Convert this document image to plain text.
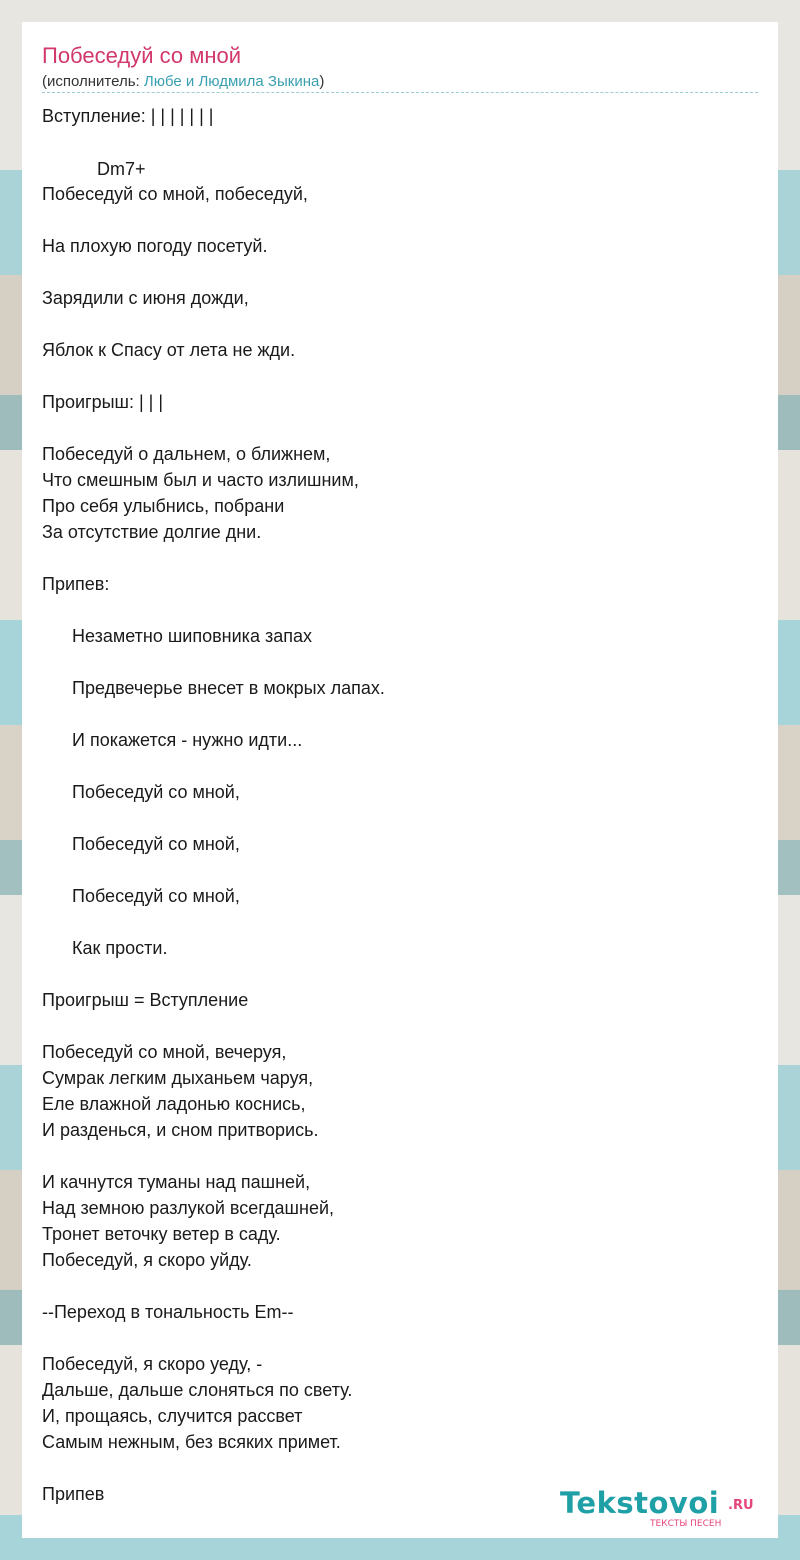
Побеседуй со мной
(исполнитель: Любе и Людмила Зыкина)
Вступление: | | | | | | |
Dm7+
Побеседуй со мной, побеседуй,
На плохую погоду посетуй.
Зарядили с июня дожди,
Яблок к Спасу от лета не жди.
Проигрыш: | | |
Побеседуй о дальнем, о ближнем,
Что смешным был и часто излишним,
Про себя улыбнись, побрани
За отсутствие долгие дни.
Припев:
Незаметно шиповника запах
Предвечерье внесет в мокрых лапах.
И покажется - нужно идти...
Побеседуй со мной,
Побеседуй со мной,
Побеседуй со мной,
Как прости.
Проигрыш = Вступление
Побеседуй со мной, вечеруя,
Сумрак легким дыханьем чаруя,
Еле влажной ладонью коснись,
И разденься, и сном притворись.
И качнутся туманы над пашней,
Над земною разлукой всегдашней,
Тронет веточку ветер в саду.
Побеседуй, я скоро уйду.
--Переход в тональность Em--
Побеседуй, я скоро уеду, -
Дальше, дальше слоняться по свету.
И, прощаясь, случится рассвет
Самым нежным, без всяких примет.
Припев	Tekstovoi .RU
ТЕКСТЫ ПЕСЕН
